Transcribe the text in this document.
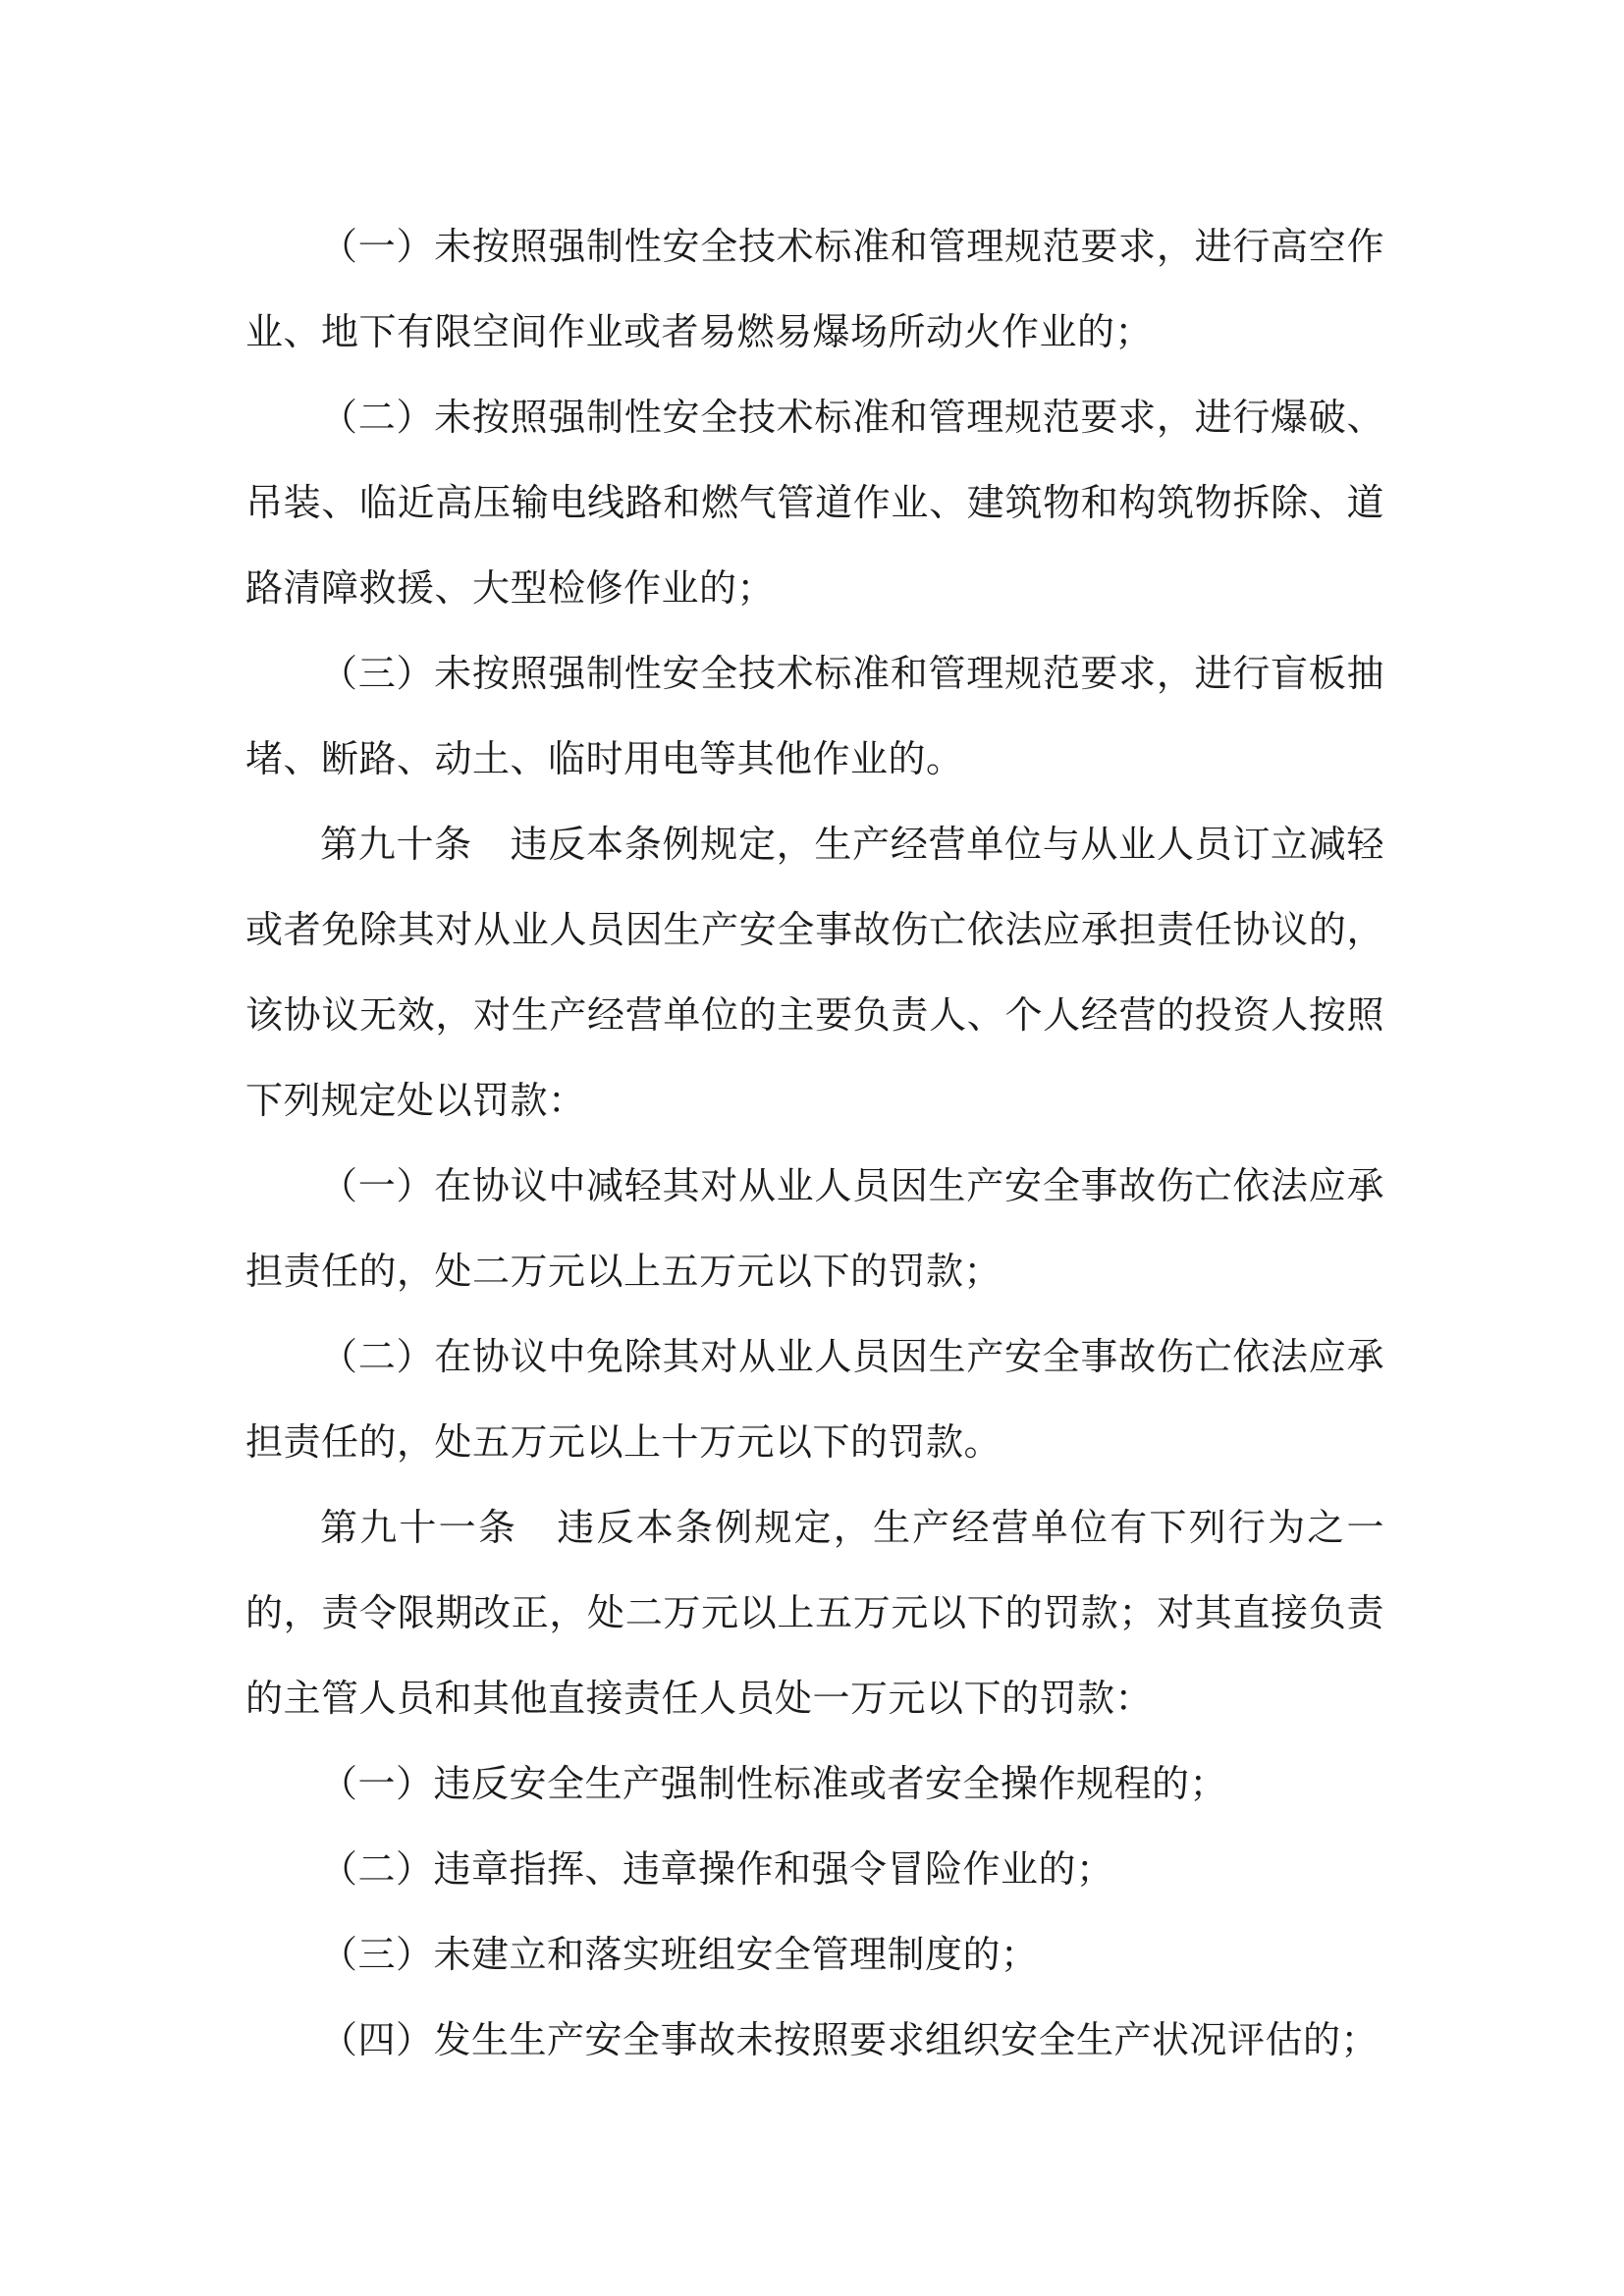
（一）未按照强制性安全技术标准和管理规范要求，进行高空作业、地下有限空间作业或者易燃易爆场所动火作业的；

（二）未按照强制性安全技术标准和管理规范要求，进行爆破、吊装、临近高压输电线路和燃气管道作业、建筑物和构筑物拆除、道路清障救援、大型检修作业的；

（三）未按照强制性安全技术标准和管理规范要求，进行盲板抽堵、断路、动土、临时用电等其他作业的。

第九十条　违反本条例规定，生产经营单位与从业人员订立减轻或者免除其对从业人员因生产安全事故伤亡依法应承担责任协议的，该协议无效，对生产经营单位的主要负责人、个人经营的投资人按照下列规定处以罚款：

（一）在协议中减轻其对从业人员因生产安全事故伤亡依法应承担责任的，处二万元以上五万元以下的罚款；

（二）在协议中免除其对从业人员因生产安全事故伤亡依法应承担责任的，处五万元以上十万元以下的罚款。

第九十一条　违反本条例规定，生产经营单位有下列行为之一的，责令限期改正，处二万元以上五万元以下的罚款；对其直接负责的主管人员和其他直接责任人员处一万元以下的罚款：

（一）违反安全生产强制性标准或者安全操作规程的；

（二）违章指挥、违章操作和强令冒险作业的；

（三）未建立和落实班组安全管理制度的；

（四）发生生产安全事故未按照要求组织安全生产状况评估的；
